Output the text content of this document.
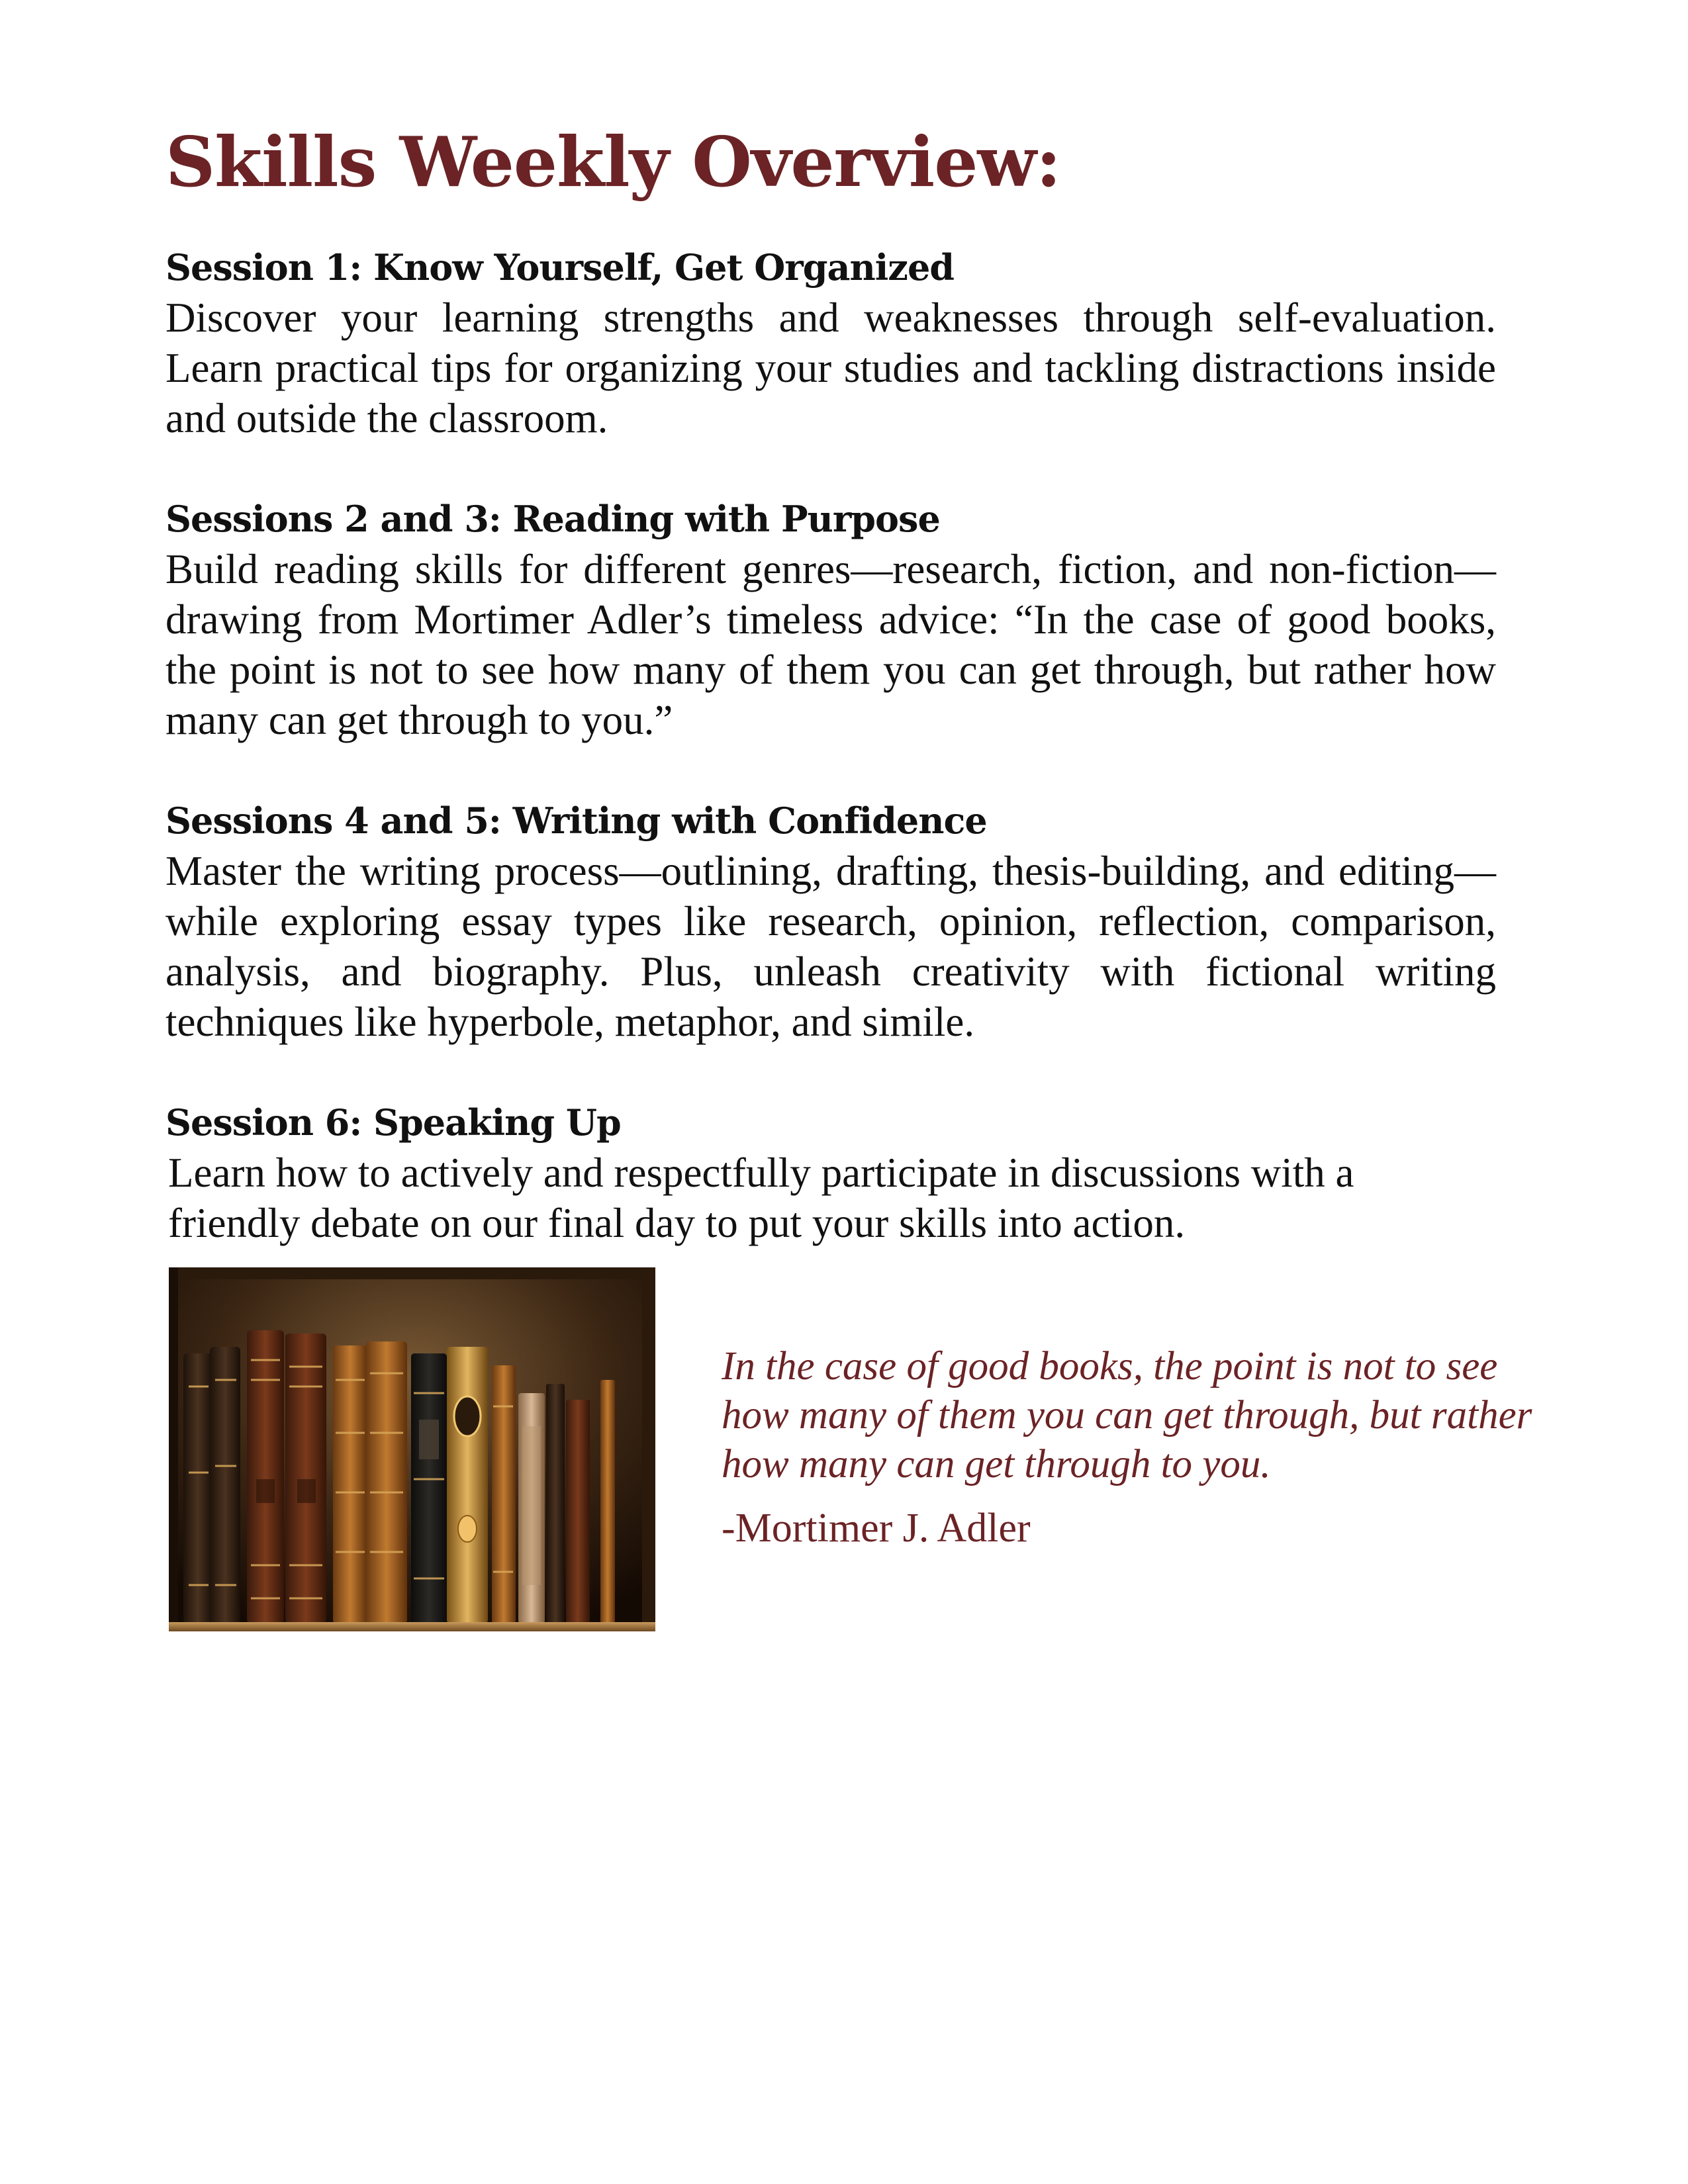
Skills Weekly Overview:
Session 1: Know Yourself, Get Organized

Discover your learning strengths and weaknesses through self-evaluation. Learn practical tips for organizing your studies and tackling distractions inside and outside the classroom.

Sessions 2 and 3: Reading with Purpose

Build reading skills for different genres—research, fiction, and non-fiction—drawing from Mortimer Adler’s timeless advice: “In the case of good books, the point is not to see how many of them you can get through, but rather how many can get through to you.”

Sessions 4 and 5: Writing with Confidence

Master the writing process—outlining, drafting, thesis-building, and editing—while exploring essay types like research, opinion, reflection, comparison, analysis, and biography. Plus, unleash creativity with fictional writing techniques like hyperbole, metaphor, and simile.

Session 6: Speaking Up

Learn how to actively and respectfully participate in discussions with a friendly debate on our final day to put your skills into action.

In the case of good books, the point is not to see how many of them you can get through, but rather how many can get through to you.

-Mortimer J. Adler
